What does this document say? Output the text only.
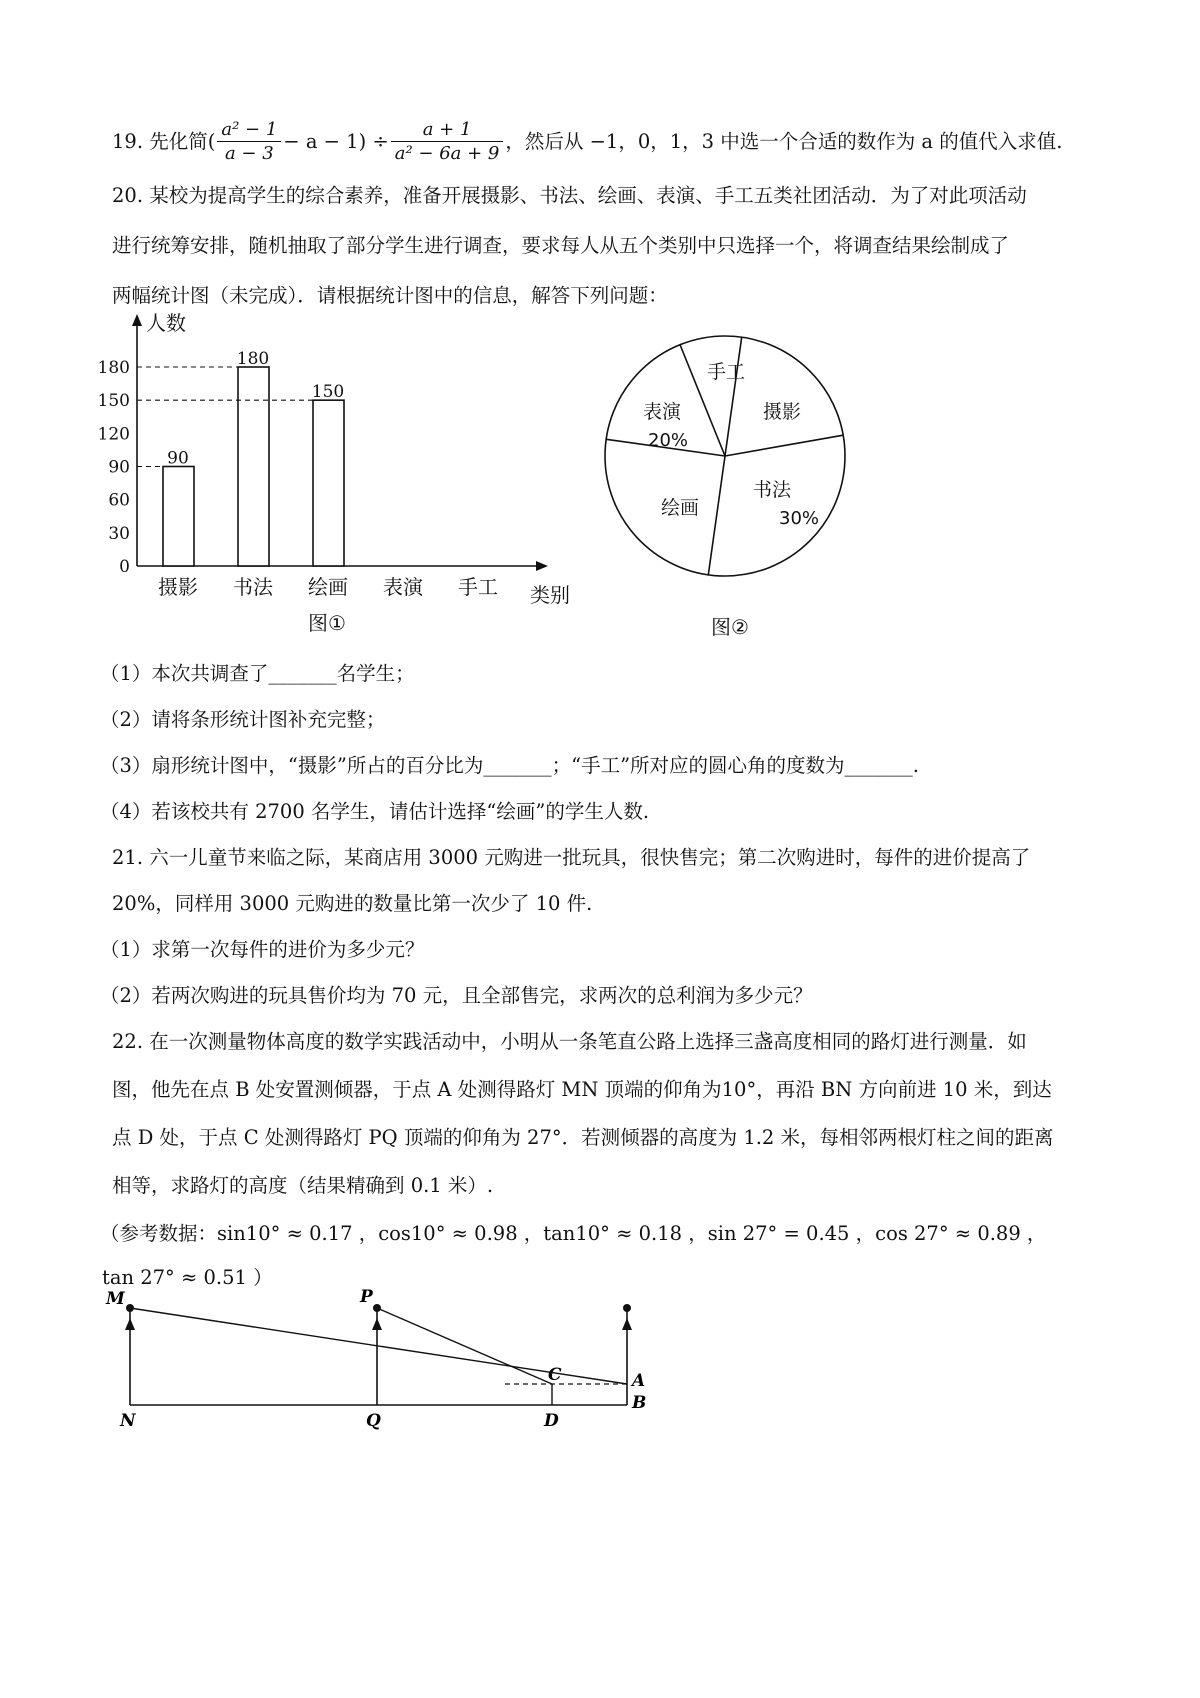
19. 先化简( $\frac{\text{a² − 1}}{a - 3} - a - 1) \div \frac{a + 1}{\text{a² − 6a + 9}}$ ，然后从 −1，0，1，3 中选一个合适的数作为 a 的值代入求值.
20. 某校为提高学生的综合素养，准备开展摄影、书法、绘画、表演、手工五类社团活动．为了对此项活动
进行统筹安排，随机抽取了部分学生进行调查，要求每人从五个类别中只选择一个，将调查结果绘制成了
两幅统计图（未完成）．请根据统计图中的信息，解答下列问题：
人数
类别
0
30
60
90
120
150
180
90
180
150
摄影 书法 绘画 表演 手工
图①
手工
摄影
书法
30%
绘画
表演
20%
图②
（1）本次共调查了_______名学生；
（2）请将条形统计图补充完整；
（3）扇形统计图中，“摄影”所占的百分比为_______；“手工”所对应的圆心角的度数为_______.
（4）若该校共有 2700 名学生，请估计选择“绘画”的学生人数.
21. 六一儿童节来临之际，某商店用 3000 元购进一批玩具，很快售完；第二次购进时，每件的进价提高了
20%，同样用 3000 元购进的数量比第一次少了 10 件.
（1）求第一次每件的进价为多少元？
（2）若两次购进的玩具售价均为 70 元，且全部售完，求两次的总利润为多少元？
22. 在一次测量物体高度的数学实践活动中，小明从一条笔直公路上选择三盏高度相同的路灯进行测量．如
图，他先在点 B 处安置测倾器，于点 A 处测得路灯 MN 顶端的仰角为10°，再沿 BN 方向前进 10 米，到达
点 D 处，于点 C 处测得路灯 PQ 顶端的仰角为 27°．若测倾器的高度为 1.2 米，每相邻两根灯柱之间的距离
相等，求路灯的高度（结果精确到 0.1 米）.
（参考数据：sin10° ≈ 0.17 ，cos10° ≈ 0.98 ，tan10° ≈ 0.18 ，sin 27° = 0.45 ，cos 27° ≈ 0.89 ，
tan 27° ≈ 0.51 ）
M
N
P
Q
C
D
A
B
